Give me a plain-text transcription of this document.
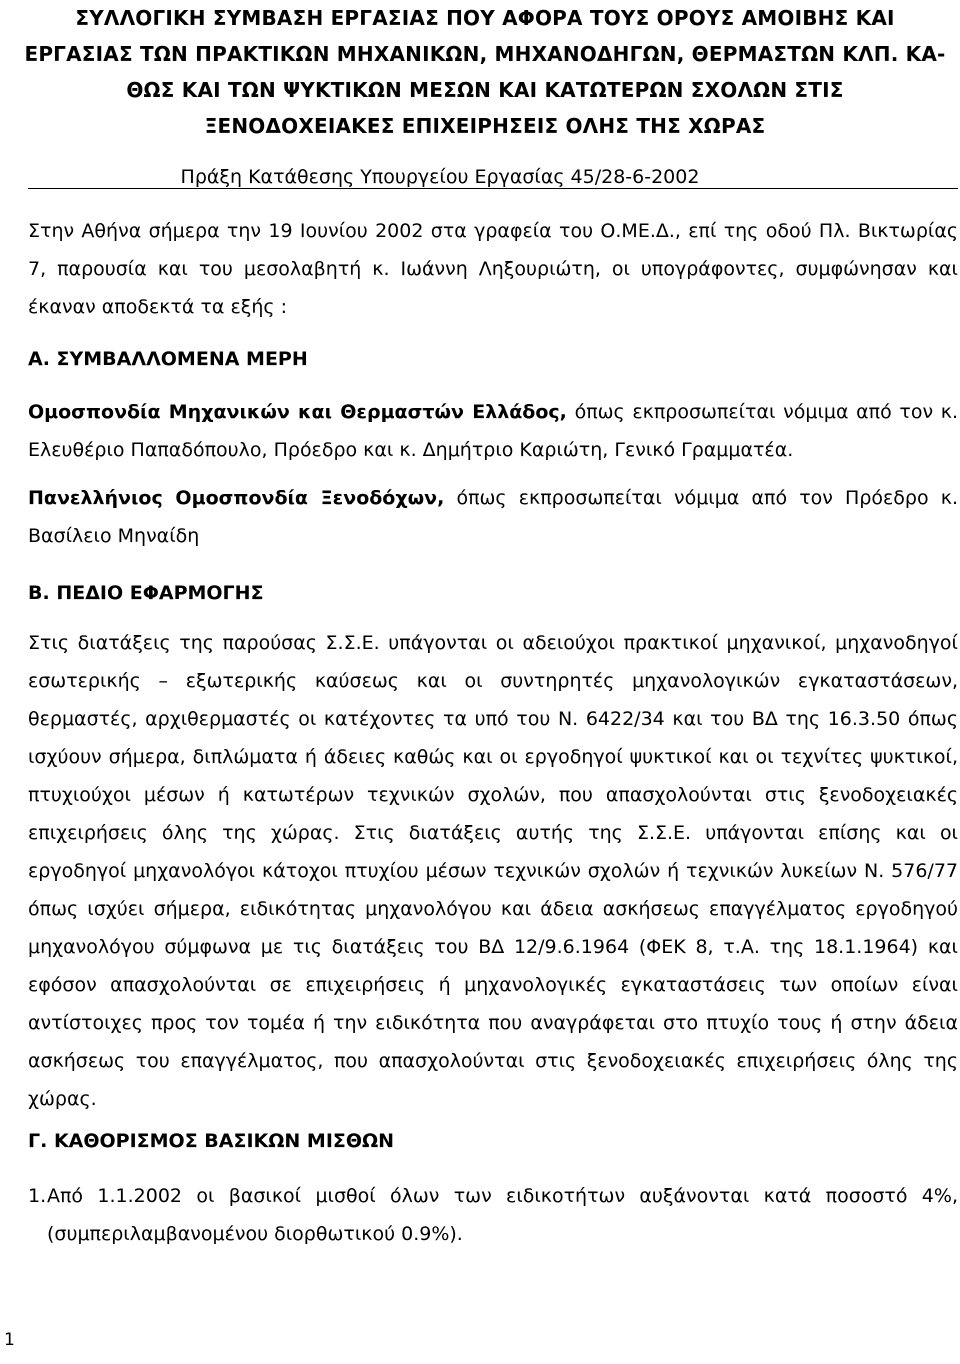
ΣΥΛΛΟΓΙΚΗ ΣΥΜΒΑΣΗ ΕΡΓΑΣΙΑΣ ΠΟΥ ΑΦΟΡΑ ΤΟΥΣ ΟΡΟΥΣ ΑΜΟΙΒΗΣ ΚΑΙ
ΕΡΓΑΣΙΑΣ ΤΩΝ ΠΡΑΚΤΙΚΩΝ ΜΗΧΑΝΙΚΩΝ, ΜΗΧΑΝΟΔΗΓΩΝ, ΘΕΡΜΑΣΤΩΝ ΚΛΠ. ΚΑ-
ΘΩΣ ΚΑΙ ΤΩΝ ΨΥΚΤΙΚΩΝ ΜΕΣΩΝ ΚΑΙ ΚΑΤΩΤΕΡΩΝ ΣΧΟΛΩΝ ΣΤΙΣ
ΞΕΝΟΔΟΧΕΙΑΚΕΣ ΕΠΙΧΕΙΡΗΣΕΙΣ ΟΛΗΣ ΤΗΣ ΧΩΡΑΣ
Πράξη Κατάθεσης Υπουργείου Εργασίας 45/28-6-2002

Στην Αθήνα σήμερα την 19 Ιουνίου 2002 στα γραφεία του Ο.ΜΕ.Δ., επί της οδού Πλ. Βικτωρίας 7, παρουσία και του μεσολαβητή κ. Ιωάννη Ληξουριώτη, οι υπογράφοντες, συμφώνησαν και έκαναν αποδεκτά τα εξής :

Α. ΣΥΜΒΑΛΛΟΜΕΝΑ ΜΕΡΗ

Ομοσπονδία Μηχανικών και Θερμαστών Ελλάδος, όπως εκπροσωπείται νόμιμα από τον κ. Ελευθέριο Παπαδόπουλο, Πρόεδρο και κ. Δημήτριο Καριώτη, Γενικό Γραμματέα.

Πανελλήνιος Ομοσπονδία Ξενοδόχων, όπως εκπροσωπείται νόμιμα από τον Πρόεδρο κ. Βασίλειο Μηναίδη

Β. ΠΕΔΙΟ ΕΦΑΡΜΟΓΗΣ

Στις διατάξεις της παρούσας Σ.Σ.Ε. υπάγονται οι αδειούχοι πρακτικοί μηχανικοί, μηχανοδηγοί εσωτερικής – εξωτερικής καύσεως και οι συντηρητές μηχανολογικών εγκαταστάσεων, θερμαστές, αρχιθερμαστές οι κατέχοντες τα υπό του Ν. 6422/34 και του ΒΔ της 16.3.50 όπως ισχύουν σήμερα, διπλώματα ή άδειες καθώς και οι εργοδηγοί ψυκτικοί και οι τεχνίτες ψυκτικοί, πτυχιούχοι μέσων ή κατωτέρων τεχνικών σχολών, που απασχολούνται στις ξενοδοχειακές επιχειρήσεις όλης της χώρας. Στις διατάξεις αυτής της Σ.Σ.Ε. υπάγονται επίσης και οι εργοδηγοί μηχανολόγοι κάτοχοι πτυχίου μέσων τεχνικών σχολών ή τεχνικών λυκείων Ν. 576/77 όπως ισχύει σήμερα, ειδικότητας μηχανολόγου και άδεια ασκήσεως επαγγέλματος εργοδηγού μηχανολόγου σύμφωνα με τις διατάξεις του ΒΔ 12/9.6.1964 (ΦΕΚ 8, τ.Α. της 18.1.1964) και εφόσον απασχολούνται σε επιχειρήσεις ή μηχανολογικές εγκαταστάσεις των οποίων είναι αντίστοιχες προς τον τομέα ή την ειδικότητα που αναγράφεται στο πτυχίο τους ή στην άδεια ασκήσεως του επαγγέλματος, που απασχολούνται στις ξενοδοχειακές επιχειρήσεις όλης της χώρας.

Γ. ΚΑΘΟΡΙΣΜΟΣ ΒΑΣΙΚΩΝ ΜΙΣΘΩΝ

1. Από 1.1.2002 οι βασικοί μισθοί όλων των ειδικοτήτων αυξάνονται κατά ποσοστό 4%, (συμπεριλαμβανομένου διορθωτικού 0.9%).
1
